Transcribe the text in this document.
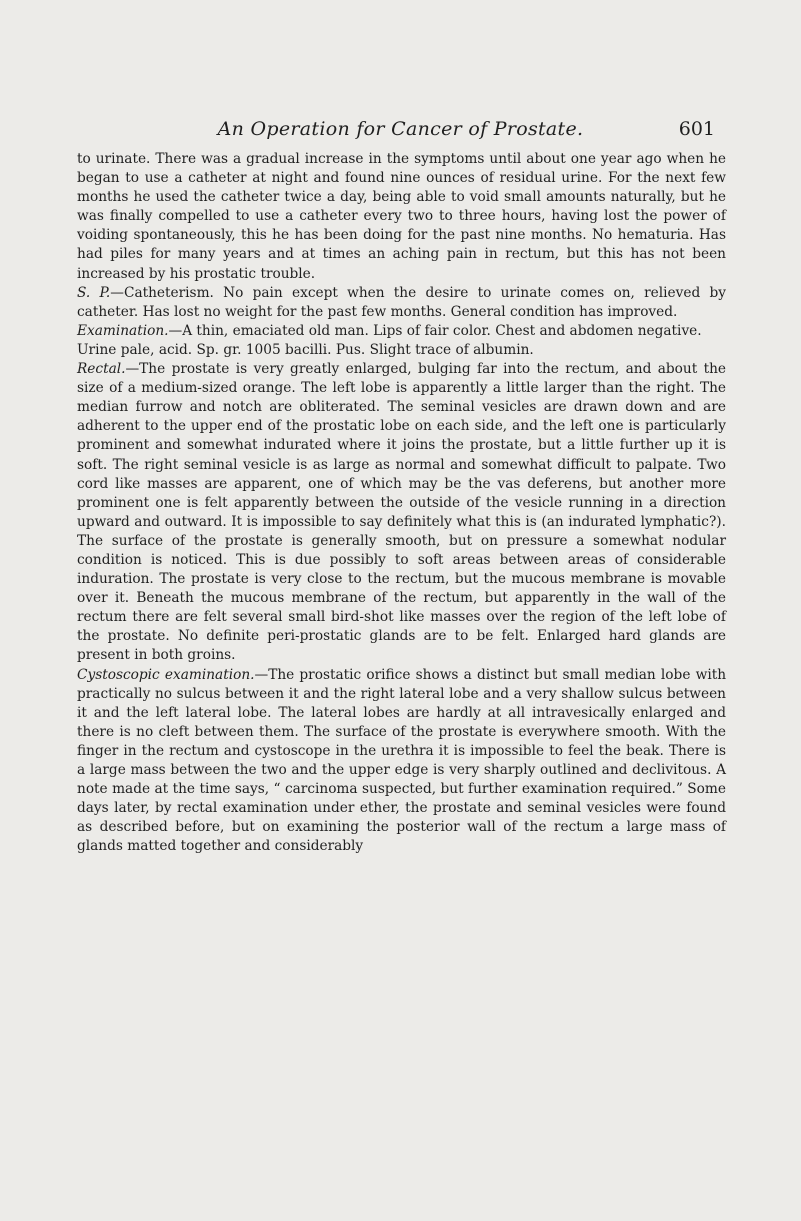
An Operation for Cancer of Prostate.	601

to urinate. There was a gradual increase in the symptoms until about one year ago when he began to use a catheter at night and found nine ounces of residual urine. For the next few months he used the catheter twice a day, being able to void small amounts naturally, but he was finally compelled to use a catheter every two to three hours, having lost the power of voiding spontaneously, this he has been doing for the past nine months. No hematuria. Has had piles for many years and at times an aching pain in rectum, but this has not been increased by his prostatic trouble.

S. P.—Catheterism. No pain except when the desire to urinate comes on, relieved by catheter. Has lost no weight for the past few months. General condition has improved.

Examination.—A thin, emaciated old man. Lips of fair color. Chest and abdomen negative.

Urine pale, acid. Sp. gr. 1005 bacilli. Pus. Slight trace of albumin.

Rectal.—The prostate is very greatly enlarged, bulging far into the rectum, and about the size of a medium-sized orange. The left lobe is apparently a little larger than the right. The median furrow and notch are obliterated. The seminal vesicles are drawn down and are adherent to the upper end of the prostatic lobe on each side, and the left one is particularly prominent and somewhat indurated where it joins the prostate, but a little further up it is soft. The right seminal vesicle is as large as normal and somewhat difficult to palpate. Two cord like masses are apparent, one of which may be the vas deferens, but another more prominent one is felt apparently between the outside of the vesicle running in a direction upward and outward. It is impossible to say definitely what this is (an indurated lymphatic?). The surface of the prostate is generally smooth, but on pressure a somewhat nodular condition is noticed. This is due possibly to soft areas between areas of considerable induration. The prostate is very close to the rectum, but the mucous membrane is movable over it. Beneath the mucous membrane of the rectum, but apparently in the wall of the rectum there are felt several small bird-shot like masses over the region of the left lobe of the prostate. No definite peri-prostatic glands are to be felt. Enlarged hard glands are present in both groins.

Cystoscopic examination.—The prostatic orifice shows a distinct but small median lobe with practically no sulcus between it and the right lateral lobe and a very shallow sulcus between it and the left lateral lobe. The lateral lobes are hardly at all intravesically enlarged and there is no cleft between them. The surface of the prostate is everywhere smooth. With the finger in the rectum and cystoscope in the urethra it is impossible to feel the beak. There is a large mass between the two and the upper edge is very sharply outlined and declivitous. A note made at the time says, “ carcinoma suspected, but further examination required.” Some days later, by rectal examination under ether, the prostate and seminal vesicles were found as described before, but on examining the posterior wall of the rectum a large mass of glands matted together and considerably
